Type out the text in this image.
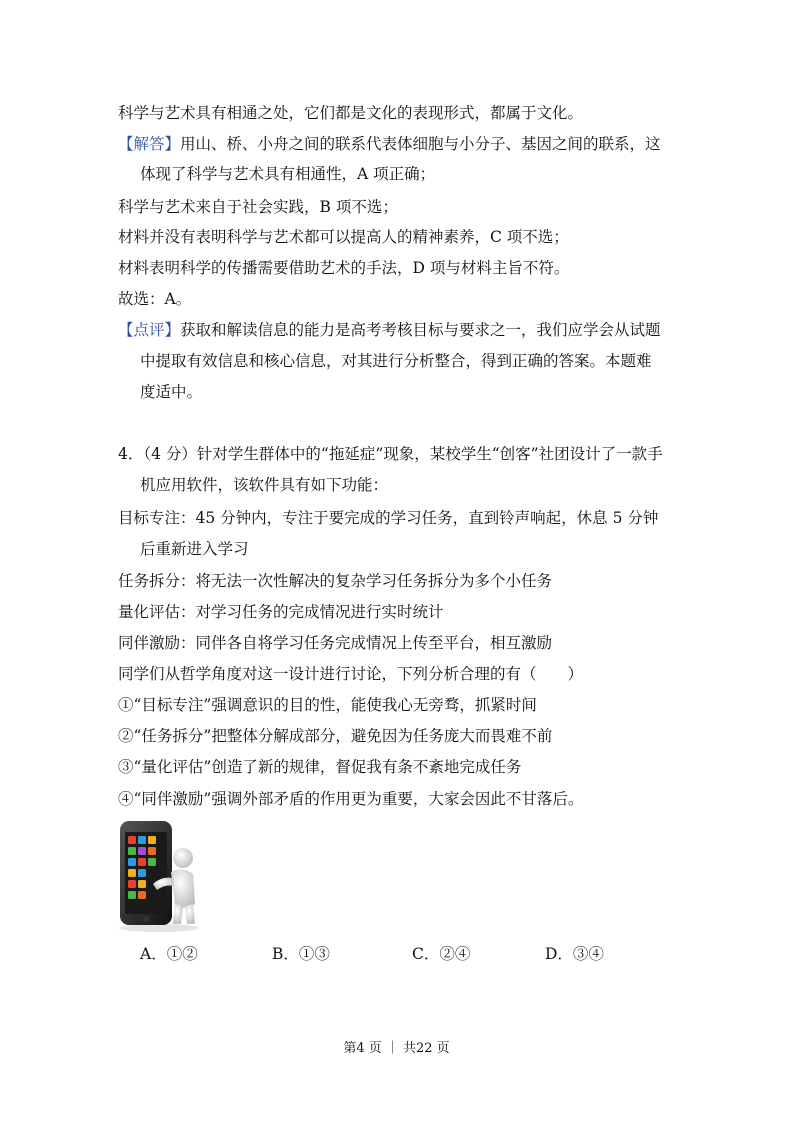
科学与艺术具有相通之处，它们都是文化的表现形式，都属于文化。
【解答】用山、桥、小舟之间的联系代表体细胞与小分子、基因之间的联系，这
体现了科学与艺术具有相通性，A 项正确；
科学与艺术来自于社会实践，B 项不选；
材料并没有表明科学与艺术都可以提高人的精神素养，C 项不选；
材料表明科学的传播需要借助艺术的手法，D 项与材料主旨不符。
故选：A。
【点评】获取和解读信息的能力是高考考核目标与要求之一，我们应学会从试题
中提取有效信息和核心信息，对其进行分析整合，得到正确的答案。本题难
度适中。
4．（4 分）针对学生群体中的“拖延症”现象，某校学生“创客”社团设计了一款手
机应用软件，该软件具有如下功能：
目标专注：45 分钟内，专注于要完成的学习任务，直到铃声响起，休息 5 分钟
后重新进入学习
任务拆分：将无法一次性解决的复杂学习任务拆分为多个小任务
量化评估：对学习任务的完成情况进行实时统计
同伴激励：同伴各自将学习任务完成情况上传至平台，相互激励
同学们从哲学角度对这一设计进行讨论，下列分析合理的有（　　）
①“目标专注”强调意识的目的性，能使我心无旁骛，抓紧时间
②“任务拆分”把整体分解成部分，避免因为任务庞大而畏难不前
③“量化评估”创造了新的规律，督促我有条不紊地完成任务
④“同伴激励”强调外部矛盾的作用更为重要，大家会因此不甘落后。
A．①②	B．①③	C．②④	D．③④
第4 页 ｜ 共22 页
